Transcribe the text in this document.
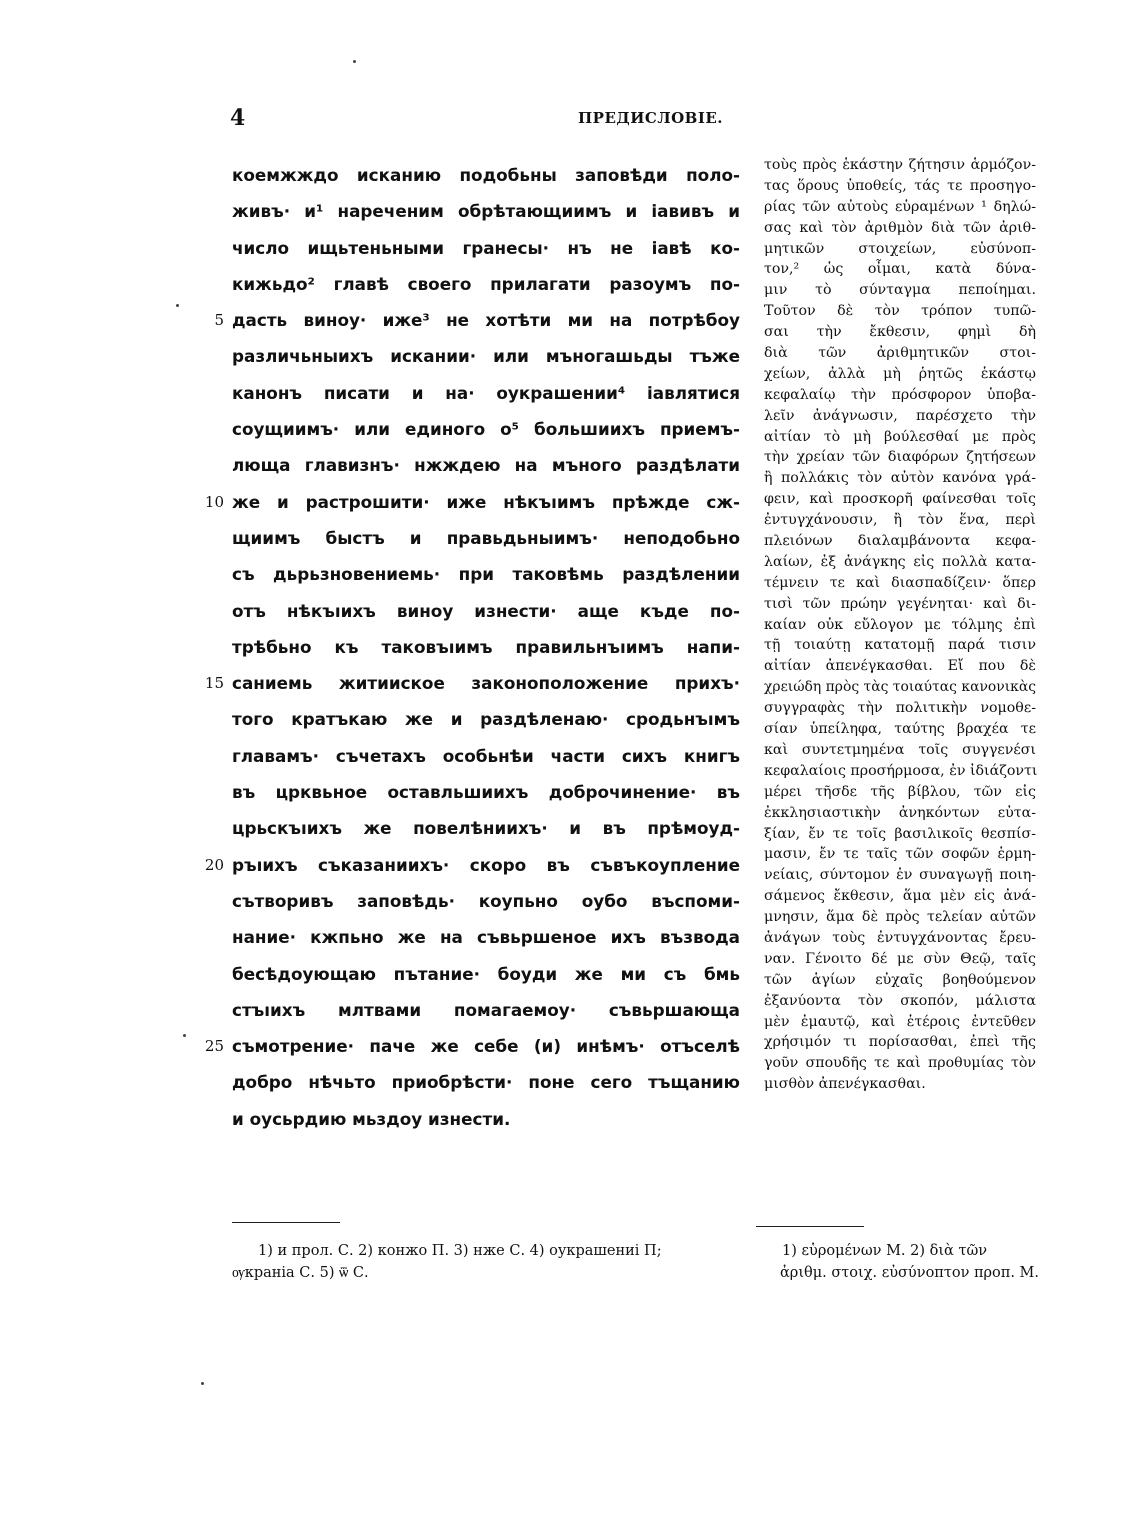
4	ПРЕДИСЛОВІЕ.
коемжждо исканию подобьны заповѣди поло-
живъ· и¹ нареченим обрѣтающиимъ и іавивъ и
число ищьтеньными гранесы· нъ не іавѣ ко-
кижьдо² главѣ своего прилагати разоумъ по-
5 дасть виноу· иже³ не хотѣти ми на потрѣбоу
различьныихъ искании· или мъногашьды тъже
канонъ писати и на· оукрашении⁴ іавлятися
соущиимъ· или единого о⁵ большиихъ приемъ-
люща главизнъ· нжждею на мъного раздѣлати
10 же и растрошити· иже нѣкъıимъ прѣжде сж-
щиимъ быстъ и правьдьныимъ· неподобьно
съ дьрьзновениемь· при таковѣмь раздѣлении
отъ нѣкъıихъ виноу изнести· аще къде по-
трѣбьно къ таковъıимъ правильнъıимъ напи-
15 саниемь житииское законоположение прихъ·
того кратъкаю же и раздѣленаю· сродьнъıмъ
главамъ· съчетахъ особьнѣи части сихъ книгъ
въ црквьное оставльшиихъ доброчинение· въ
црьскъıихъ же повелѣниихъ· и въ прѣмоуд-
20 ръıихъ съказаниихъ· скоро въ съвъкоупление
сътворивъ заповѣдь· коупьно оубо въспоми-
нание· кжпьно же на съвьршеное ихъ възвода
бесѣдоующаю пътание· боуди же ми съ бмь
стъıихъ млтвами помагаемоу· съвьршающа
25 съмотрение· паче же себе (и) инѣмъ· отъселѣ
добро нѣчьто приобрѣсти· поне сего тъщанию
и оусьрдию мьздоу изнести.
τοὺς πρὸς ἑκάστην ζήτησιν ἁρμόζον-
τας ὅρους ὑποθείς, τάς τε προσηγο-
ρίας τῶν αὐτοὺς εὑραμένων ¹ δηλώ-
σας καὶ τὸν ἀριθμὸν διὰ τῶν ἀριθ-
μητικῶν στοιχείων, εὐσύνοπ-
τον,² ὡς οἶμαι, κατὰ δύνα-
μιν τὸ σύνταγμα πεποίημαι.
Τοῦτον δὲ τὸν τρόπον τυπῶ-
σαι τὴν ἔκθεσιν, φημὶ δὴ
διὰ τῶν ἀριθμητικῶν στοι-
χείων, ἀλλὰ μὴ ῥητῶς ἑκάστῳ
κεφαλαίῳ τὴν πρόσφορον ὑποβα-
λεῖν ἀνάγνωσιν, παρέσχετο τὴν
αἰτίαν τὸ μὴ βούλεσθαί με πρὸς
τὴν χρείαν τῶν διαφόρων ζητήσεων
ἢ πολλάκις τὸν αὐτὸν κανόνα γρά-
φειν, καὶ προσκορῆ φαίνεσθαι τοῖς
ἐντυγχάνουσιν, ἢ τὸν ἕνα, περὶ
πλειόνων διαλαμβάνοντα κεφα-
λαίων, ἐξ ἀνάγκης εἰς πολλὰ κατα-
τέμνειν τε καὶ διασπαδίζειν· ὅπερ
τισὶ τῶν πρώην γεγένηται· καὶ δι-
καίαν οὐκ εὔλογον με τόλμης ἐπὶ
τῇ τοιαύτῃ κατατομῇ παρά τισιν
αἰτίαν ἀπενέγκασθαι. Εἴ που δὲ
χρειώδη πρὸς τὰς τοιαύτας κανονικὰς
συγγραφὰς τὴν πολιτικὴν νομοθε-
σίαν ὑπείληφα, ταύτης βραχέα τε
καὶ συντετμημένα τοῖς συγγενέσι
κεφαλαίοις προσήρμοσα, ἐν ἰδιάζοντι
μέρει τῆσδε τῆς βίβλου, τῶν εἰς
ἐκκλησιαστικὴν ἀνηκόντων εὐτα-
ξίαν, ἔν τε τοῖς βασιλικοῖς θεσπίσ-
μασιν, ἔν τε ταῖς τῶν σοφῶν ἑρμη-
νείαις, σύντομον ἐν συναγωγῇ ποιη-
σάμενος ἔκθεσιν, ἅμα μὲν εἰς ἀνά-
μνησιν, ἅμα δὲ πρὸς τελείαν αὐτῶν
ἀνάγων τοὺς ἐντυγχάνοντας ἔρευ-
ναν. Γένοιτο δέ με σὺν Θεῷ, ταῖς
τῶν ἁγίων εὐχαῖς βοηθούμενον
ἐξανύοντα τὸν σκοπόν, μάλιστα
μὲν ἐμαυτῷ, καὶ ἑτέροις ἐντεῦθεν
χρήσιμόν τι πορίσασθαι, ἐπεὶ τῆς
γοῦν σπουδῆς τε καὶ προθυμίας τὸν
μισθὸν ἀπενέγκασθαι.
1) и прол. С. 2) конжо П. 3) нже С. 4) оукрашениі П;
ѹкраніа С. 5) ѿ С.
1) εὑρομένων Μ. 2) διὰ τῶν
ἀριθμ. στοιχ. εὐσύνοπτον προπ. Μ.
